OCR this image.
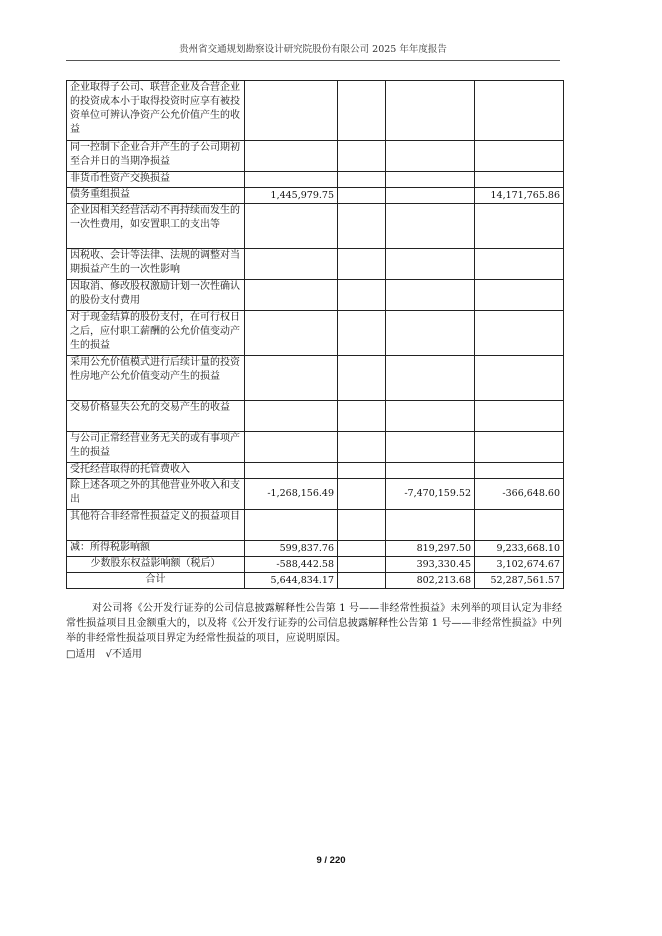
贵州省交通规划勘察设计研究院股份有限公司 2025 年年度报告
企业取得子公司、联营企业及合营企业的投资成本小于取得投资时应享有被投资单位可辨认净资产公允价值产生的收益				
同一控制下企业合并产生的子公司期初至合并日的当期净损益				
非货币性资产交换损益				
债务重组损益	1,445,979.75			14,171,765.86
企业因相关经营活动不再持续而发生的一次性费用，如安置职工的支出等				
因税收、会计等法律、法规的调整对当期损益产生的一次性影响				
因取消、修改股权激励计划一次性确认的股份支付费用				
对于现金结算的股份支付，在可行权日之后，应付职工薪酬的公允价值变动产生的损益				
采用公允价值模式进行后续计量的投资性房地产公允价值变动产生的损益				
交易价格显失公允的交易产生的收益				
与公司正常经营业务无关的或有事项产生的损益				
受托经营取得的托管费收入				
除上述各项之外的其他营业外收入和支出	-1,268,156.49		-7,470,159.52	-366,648.60
其他符合非经常性损益定义的损益项目				
减：所得税影响额	599,837.76		819,297.50	9,233,668.10
少数股东权益影响额（税后）	-588,442.58		393,330.45	3,102,674.67
合计	5,644,834.17		802,213.68	52,287,561.57
对公司将《公开发行证券的公司信息披露解释性公告第 1 号——非经常性损益》未列举的项目认定为非经常性损益项目且金额重大的，以及将《公开发行证券的公司信息披露解释性公告第 1 号——非经常性损益》中列举的非经常性损益项目界定为经常性损益的项目，应说明原因。
□适用 √不适用
9 / 220
